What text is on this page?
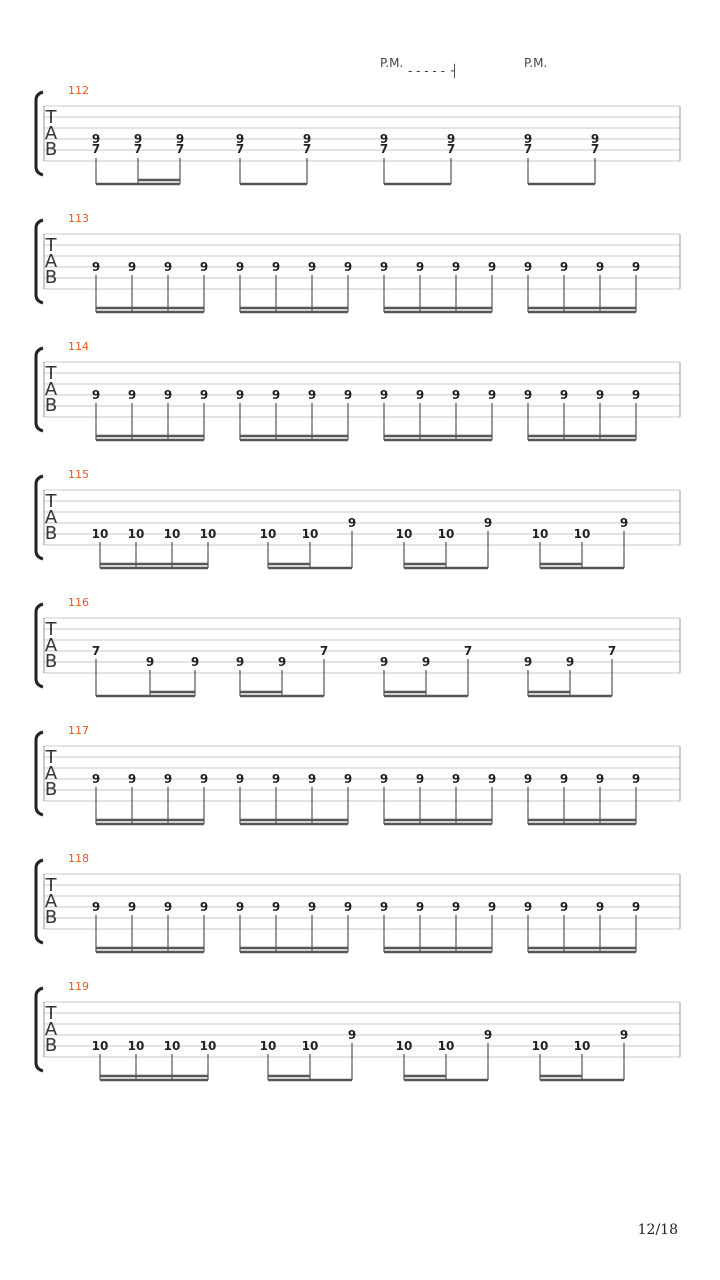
T
A
B
112
9
7
9
7
9
7
9
7
9
7
9
7
9
7
P.M.
- - - - - ┤
9
7
9
7
P.M.
T
A
B
113
9 9 9 9 9 9 9 9 9 9 9 9 9 9 9 9
T
A
B
114
9 9 9 9 9 9 9 9 9 9 9 9 9 9 9 9
T
A
B
115
10 10 10 10	10 10
9
10 10
9
10 10
9
T
A
B
116
7
9	9	9	9
7
9	9
7
9	9
7
T
A
B
117
9 9 9 9 9 9 9 9 9 9 9 9 9 9 9 9
T
A
B
118
9 9 9 9 9 9 9 9 9 9 9 9 9 9 9 9
T
A
B
119
10 10 10 10	10 10
9
10 10
9
10 10
9
12/18
